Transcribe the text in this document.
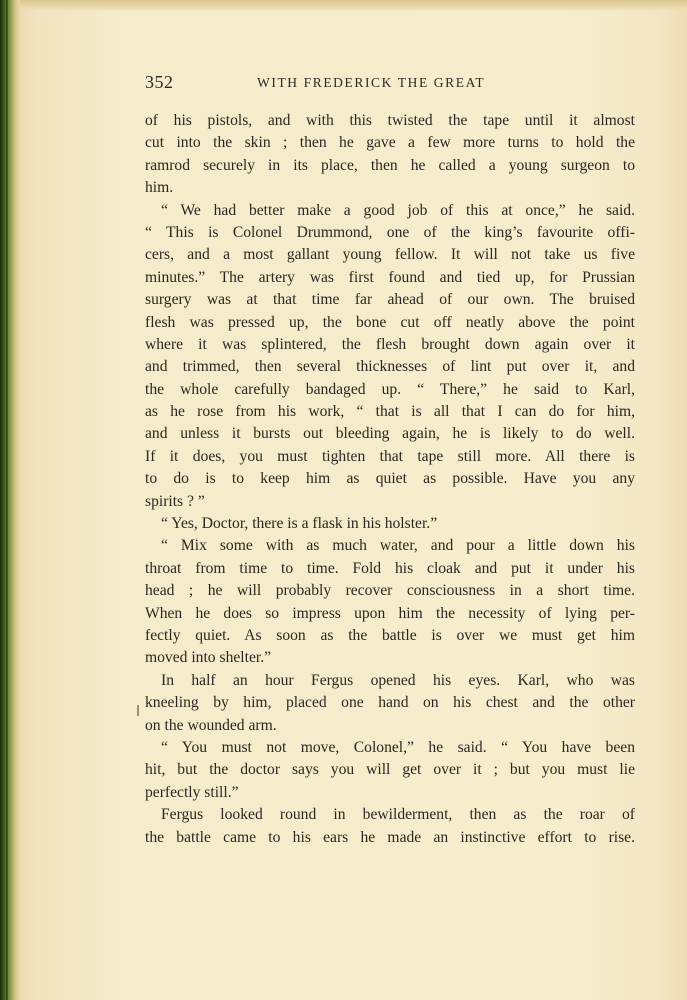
352	WITH FREDERICK THE GREAT
of his pistols, and with this twisted the tape until it almost
cut into the skin ; then he gave a few more turns to hold the
ramrod securely in its place, then he called a young surgeon to
him.
“ We had better make a good job of this at once,” he said.
“ This is Colonel Drummond, one of the king’s favourite offi-
cers, and a most gallant young fellow. It will not take us five
minutes.” The artery was first found and tied up, for Prussian
surgery was at that time far ahead of our own. The bruised
flesh was pressed up, the bone cut off neatly above the point
where it was splintered, the flesh brought down again over it
and trimmed, then several thicknesses of lint put over it, and
the whole carefully bandaged up. “ There,” he said to Karl,
as he rose from his work, “ that is all that I can do for him,
and unless it bursts out bleeding again, he is likely to do well.
If it does, you must tighten that tape still more. All there is
to do is to keep him as quiet as possible. Have you any
spirits ? ”
“ Yes, Doctor, there is a flask in his holster.”
“ Mix some with as much water, and pour a little down his
throat from time to time. Fold his cloak and put it under his
head ; he will probably recover consciousness in a short time.
When he does so impress upon him the necessity of lying per-
fectly quiet. As soon as the battle is over we must get him
moved into shelter.”
In half an hour Fergus opened his eyes. Karl, who was
kneeling by him, placed one hand on his chest and the other
on the wounded arm.
“ You must not move, Colonel,” he said. “ You have been
hit, but the doctor says you will get over it ; but you must lie
perfectly still.”
Fergus looked round in bewilderment, then as the roar of
the battle came to his ears he made an instinctive effort to rise.
